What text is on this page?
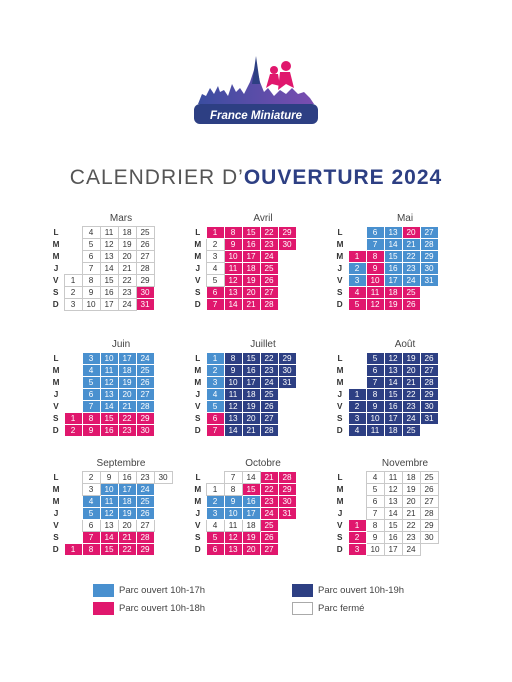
France Miniature
CALENDRIER D’OUVERTURE 2024
Mars
L		4	11	18	25
M		5	12	19	26
M		6	13	20	27
J		7	14	21	28
V	1	8	15	22	29
S	2	9	16	23	30
D	3	10	17	24	31
Avril
L	1	8	15	22	29
M	2	9	16	23	30
M	3	10	17	24	
J	4	11	18	25	
V	5	12	19	26	
S	6	13	20	27	
D	7	14	21	28	
Mai
L		6	13	20	27
M		7	14	21	28
M	1	8	15	22	29
J	2	9	16	23	30
V	3	10	17	24	31
S	4	11	18	25	
D	5	12	19	26	
Juin
L		3	10	17	24
M		4	11	18	25
M		5	12	19	26
J		6	13	20	27
V		7	14	21	28
S	1	8	15	22	29
D	2	9	16	23	30
Juillet
L	1	8	15	22	29
M	2	9	16	23	30
M	3	10	17	24	31
J	4	11	18	25	
V	5	12	19	26	
S	6	13	20	27	
D	7	14	21	28	
Août
L		5	12	19	26
M		6	13	20	27
M		7	14	21	28
J	1	8	15	22	29
V	2	9	16	23	30
S	3	10	17	24	31
D	4	11	18	25	
Septembre
L		2	9	16	23	30
M		3	10	17	24	
M		4	11	18	25	
J		5	12	19	26	
V		6	13	20	27	
S		7	14	21	28	
D	1	8	15	22	29	
Octobre
L		7	14	21	28
M	1	8	15	22	29
M	2	9	16	23	30
J	3	10	17	24	31
V	4	11	18	25	
S	5	12	19	26	
D	6	13	20	27	
Novembre
L		4	11	18	25
M		5	12	19	26
M		6	13	20	27
J		7	14	21	28
V	1	8	15	22	29
S	2	9	16	23	30
D	3	10	17	24	
Parc ouvert 10h-17h
Parc ouvert 10h-18h
Parc ouvert 10h-19h
Parc fermé
